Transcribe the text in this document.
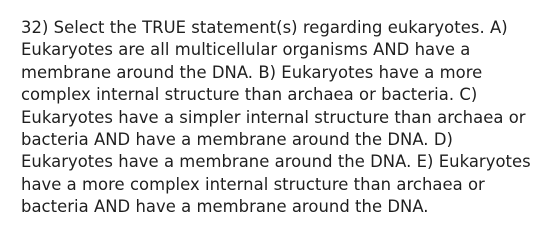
32) Select the TRUE statement(s) regarding eukaryotes. A) Eukaryotes are all multicellular organisms AND have a membrane around the DNA. B) Eukaryotes have a more complex internal structure than archaea or bacteria. C) Eukaryotes have a simpler internal structure than archaea or bacteria AND have a membrane around the DNA. D) Eukaryotes have a membrane around the DNA. E) Eukaryotes have a more complex internal structure than archaea or bacteria AND have a membrane around the DNA.
